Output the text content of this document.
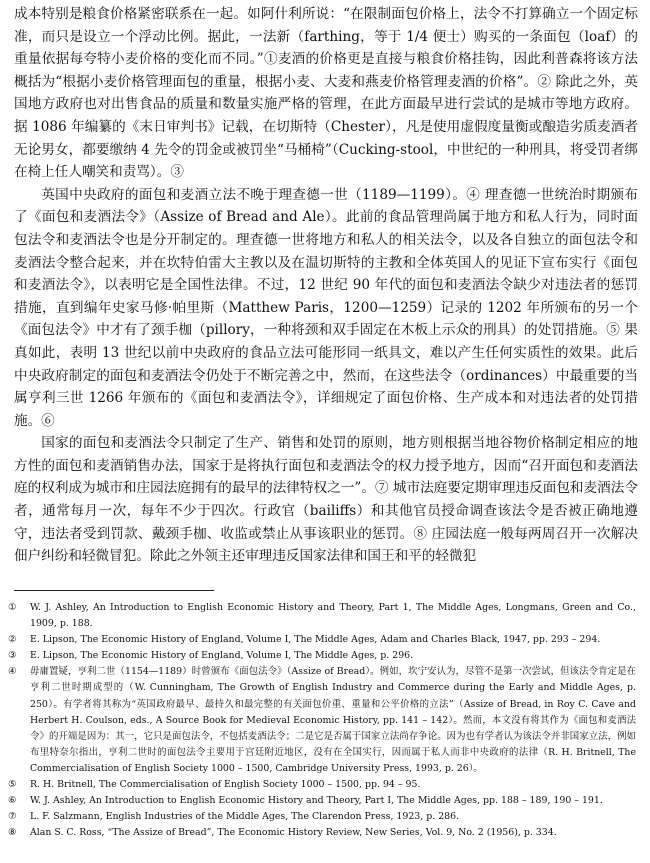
成本特别是粮食价格紧密联系在一起。如阿什利所说：“在限制面包价格上，法令不打算确立一个固定标准，而只是设立一个浮动比例。据此，一法新（farthing，等于 1/4 便士）购买的一条面包（loaf）的重量依据每夸特小麦价格的变化而不同。”①麦酒的价格更是直接与粮食价格挂钩，因此利普森将该方法概括为“根据小麦价格管理面包的重量，根据小麦、大麦和燕麦价格管理麦酒的价格”。② 除此之外，英国地方政府也对出售食品的质量和数量实施严格的管理，在此方面最早进行尝试的是城市等地方政府。据 1086 年编纂的《末日审判书》记载，在切斯特（Chester），凡是使用虚假度量衡或酿造劣质麦酒者无论男女，都要缴纳 4 先令的罚金或被罚坐“马桶椅”（Cucking-stool，中世纪的一种刑具，将受罚者绑在椅上任人嘲笑和责骂）。③

英国中央政府的面包和麦酒立法不晚于理查德一世（1189—1199）。④ 理查德一世统治时期颁布了《面包和麦酒法令》（Assize of Bread and Ale）。此前的食品管理尚属于地方和私人行为，同时面包法令和麦酒法令也是分开制定的。理查德一世将地方和私人的相关法令，以及各自独立的面包法令和麦酒法令整合起来，并在坎特伯雷大主教以及在温切斯特的主教和全体英国人的见证下宣布实行《面包和麦酒法令》，以表明它是全国性法律。不过，12 世纪 90 年代的面包和麦酒法令缺少对违法者的惩罚措施，直到编年史家马修·帕里斯（Matthew Paris，1200—1259）记录的 1202 年所颁布的另一个《面包法令》中才有了颈手枷（pillory，一种将颈和双手固定在木板上示众的刑具）的处罚措施。⑤ 果真如此，表明 13 世纪以前中央政府的食品立法可能形同一纸具文，难以产生任何实质性的效果。此后中央政府制定的面包和麦酒法令仍处于不断完善之中，然而，在这些法令（ordinances）中最重要的当属亨利三世 1266 年颁布的《面包和麦酒法令》，详细规定了面包价格、生产成本和对违法者的处罚措施。⑥

国家的面包和麦酒法令只制定了生产、销售和处罚的原则，地方则根据当地谷物价格制定相应的地方性的面包和麦酒销售办法，国家于是将执行面包和麦酒法令的权力授予地方，因而“召开面包和麦酒法庭的权利成为城市和庄园法庭拥有的最早的法律特权之一”。⑦ 城市法庭要定期审理违反面包和麦酒法令者，通常每月一次，每年不少于四次。行政官（bailiffs）和其他官员授命调查该法令是否被正确地遵守，违法者受到罚款、戴颈手枷、收监或禁止从事该职业的惩罚。⑧ 庄园法庭一般每两周召开一次解决佃户纠纷和轻微冒犯。除此之外领主还审理违反国家法律和国王和平的轻微犯

①	W. J. Ashley, An Introduction to English Economic History and Theory, Part 1, The Middle Ages, Longmans, Green and Co., 1909, p. 188.
②	E. Lipson, The Economic History of England, Volume I, The Middle Ages, Adam and Charles Black, 1947, pp. 293 – 294.
③	E. Lipson, The Economic History of England, Volume I, The Middle Ages, p. 296.
④	毋庸置疑，亨利二世（1154—1189）时曾颁布《面包法令》（Assize of Bread）。例如，坎宁安认为，尽管不是第一次尝试，但该法令肯定是在亨利二世时期成型的（W. Cunningham, The Growth of English Industry and Commerce during the Early and Middle Ages, p. 250）。有学者将其称为“英国政府最早、最持久和最完整的有关面包价重、重量和公平价格的立法”（Assize of Bread, in Roy C. Cave and Herbert H. Coulson, eds., A Source Book for Medieval Economic History, pp. 141 – 142）。然而，本文没有将其作为《面包和麦酒法令》的开端是因为：其一，它只是面包法令，不包括麦酒法令；二是它是否属于国家立法尚存争论。因为也有学者认为该法令并非国家立法，例如布里特奈尔指出，亨利二世时的面包法令主要用于宫廷附近地区，没有在全国实行，因而属于私人而非中央政府的法律（R. H. Britnell, The Commercialisation of English Society 1000 – 1500, Cambridge University Press, 1993, p. 26）。
⑤	R. H. Britnell, The Commercialisation of English Society 1000 – 1500, pp. 94 – 95.
⑥	W. J. Ashley, An Introduction to English Economic History and Theory, Part I, The Middle Ages, pp. 188 – 189, 190 – 191.
⑦	L. F. Salzmann, English Industries of the Middle Ages, The Clarendon Press, 1923, p. 286.
⑧	Alan S. C. Ross, “The Assize of Bread”, The Economic History Review, New Series, Vol. 9, No. 2 (1956), p. 334.
